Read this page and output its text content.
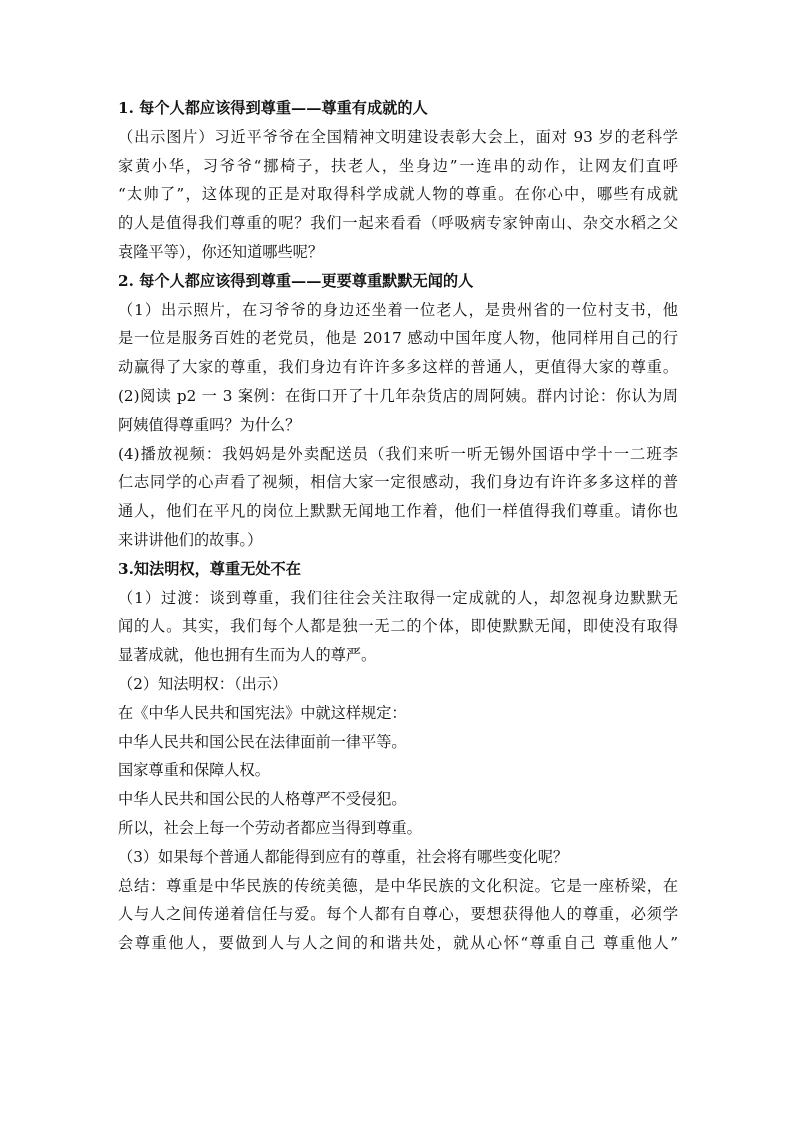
1. 每个人都应该得到尊重——尊重有成就的人

（出示图片）习近平爷爷在全国精神文明建设表彰大会上，面对 93 岁的老科学

家黄小华，习爷爷“挪椅子，扶老人，坐身边”一连串的动作，让网友们直呼

“太帅了”，这体现的正是对取得科学成就人物的尊重。在你心中，哪些有成就

的人是值得我们尊重的呢？我们一起来看看（呼吸病专家钟南山、杂交水稻之父

袁隆平等），你还知道哪些呢？

2. 每个人都应该得到尊重——更要尊重默默无闻的人

（1）出示照片，在习爷爷的身边还坐着一位老人，是贵州省的一位村支书，他

是一位是服务百姓的老党员，他是 2017 感动中国年度人物，他同样用自己的行

动赢得了大家的尊重，我们身边有许许多多这样的普通人，更值得大家的尊重。

(2)阅读 p2 一 3 案例：在街口开了十几年杂货店的周阿姨。群内讨论：你认为周

阿姨值得尊重吗？为什么？

(4)播放视频：我妈妈是外卖配送员（我们来听一听无锡外国语中学十一二班李

仁志同学的心声看了视频，相信大家一定很感动，我们身边有许许多多这样的普

通人，他们在平凡的岗位上默默无闻地工作着，他们一样值得我们尊重。请你也

来讲讲他们的故事。）

3.知法明权，尊重无处不在

（1）过渡：谈到尊重，我们往往会关注取得一定成就的人，却忽视身边默默无

闻的人。其实，我们每个人都是独一无二的个体，即使默默无闻，即使没有取得

显著成就，他也拥有生而为人的尊严。

（2）知法明权：（出示）

在《中华人民共和国宪法》中就这样规定：

中华人民共和国公民在法律面前一律平等。

国家尊重和保障人权。

中华人民共和国公民的人格尊严不受侵犯。

所以，社会上每一个劳动者都应当得到尊重。

（3）如果每个普通人都能得到应有的尊重，社会将有哪些变化呢？

总结：尊重是中华民族的传统美德，是中华民族的文化积淀。它是一座桥梁，在

人与人之间传递着信任与爱。每个人都有自尊心，要想获得他人的尊重，必须学

会尊重他人，要做到人与人之间的和谐共处，就从心怀“尊重自己 尊重他人”
